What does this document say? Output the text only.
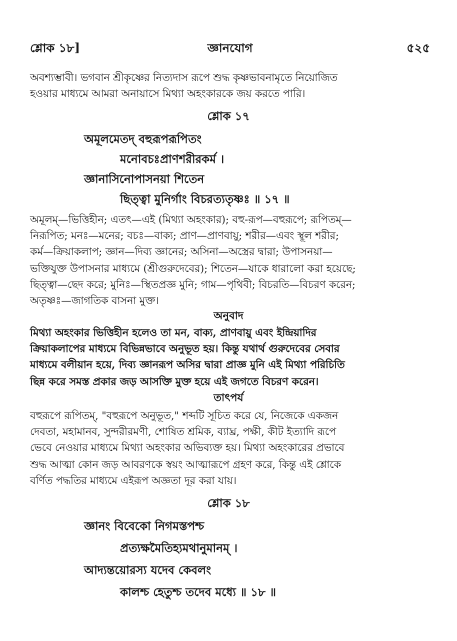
শ্লোক ১৮]	জ্ঞানযোগ	৫২৫
অবশ্যম্ভাবী। ভগবান শ্রীকৃষ্ণের নিত্যদাস রূপে শুদ্ধ কৃষ্ণভাবনামৃতে নিয়োজিত
হওয়ার মাধ্যমে আমরা অনায়াসে মিথ্যা অহংকারকে জয় করতে পারি।
শ্লোক ১৭
অমূলমেতদ্ বহুরূপরূপিতং
মনোবচঃপ্রাণশরীরকর্ম ।
জ্ঞানাসিনোপাসনয়া শিতেন
ছিত্ত্বা মুনির্গাং বিচরত্যতৃষ্ণঃ ॥ ১৭ ॥
অমূলম্—ভিত্তিহীন; এতৎ—এই (মিথ্যা অহংকার); বহু-রূপ—বহুরূপে; রূপিতম্—
নিরূপিত; মনঃ—মনের; বচঃ—বাক্য; প্রাণ—প্রাণবায়ু; শরীর—এবং স্থূল শরীর;
কর্ম—ক্রিয়াকলাপ; জ্ঞান—দিব্য জ্ঞানের; অসিনা—অস্ত্রের দ্বারা; উপাসনয়া—
ভক্তিযুক্ত উপাসনার মাধ্যমে (শ্রীগুরুদেবের); শিতেন—যাকে ধারালো করা হয়েছে;
ছিত্ত্বা—ছেদ করে; মুনিঃ—স্থিতপ্রজ্ঞ মুনি; গাম—পৃথিবী; বিচরতি—বিচরণ করেন;
অতৃষ্ণঃ—জাগতিক বাসনা মুক্ত।
অনুবাদ
মিথ্যা অহংকার ভিত্তিহীন হলেও তা মন, বাক্য, প্রাণবায়ু এবং ইন্দ্রিয়াদির
ক্রিয়াকলাপের মাধ্যমে বিভিন্নভাবে অনুভূত হয়। কিন্তু যথার্থ গুরুদেবের সেবার
মাধ্যমে বলীয়ান হয়ে, দিব্য জ্ঞানরূপ অসির দ্বারা প্রাজ্ঞ মুনি এই মিথ্যা পরিচিতি
ছিন্ন করে সমস্ত প্রকার জড় আসক্তি মুক্ত হয়ে এই জগতে বিচরণ করেন।
তাৎপর্য
বহুরূপে রূপিতম্, "বহুরূপে অনুভূত," শব্দটি সূচিত করে যে, নিজেকে একজন
দেবতা, মহামানব, সুন্দরীরমণী, শোষিত শ্রমিক, ব্যাঘ্র, পক্ষী, কীট ইত্যাদি রূপে
ভেবে নেওয়ার মাধ্যমে মিথ্যা অহংকার অভিব্যক্ত হয়। মিথ্যা অহংকারের প্রভাবে
শুদ্ধ আত্মা কোন জড় আবরণকে স্বয়ং আত্মারূপে গ্রহণ করে, কিন্তু এই শ্লোকে
বর্ণিত পদ্ধতির মাধ্যমে এইরূপ অজ্ঞতা দূর করা যায়।
শ্লোক ১৮
জ্ঞানং বিবেকো নিগমস্তপশ্চ
প্রত্যক্ষমৈতিহ্যমথানুমানম্ ।
আদ্যন্তয়োরস্য যদেব কেবলং
কালশ্চ হেতুশ্চ তদেব মধ্যে ॥ ১৮ ॥
